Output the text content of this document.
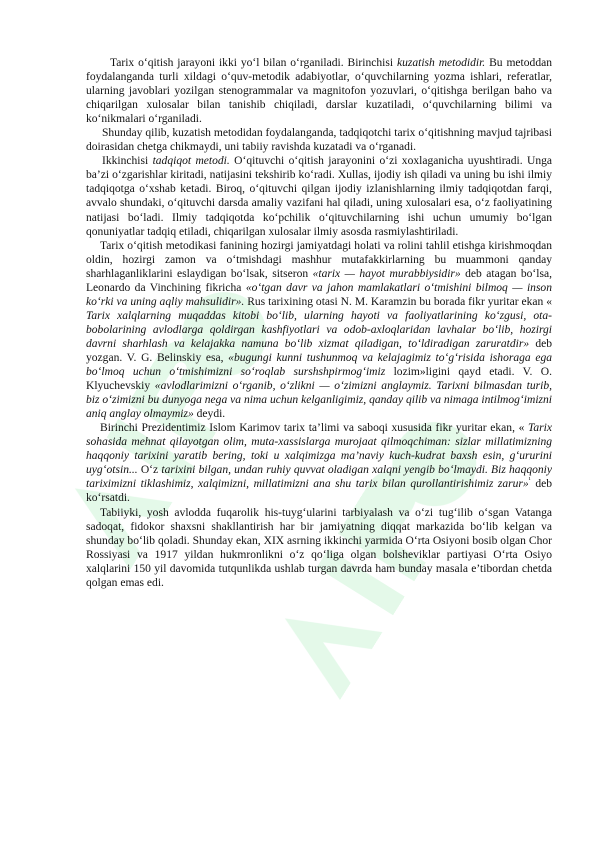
Tarix o‘qitish jarayoni ikki yo‘l bilan o‘rganiladi. Birinchisi kuzatish metodidir. Bu metoddan foydalanganda turli xildagi o‘quv-metodik adabiyotlar, o‘quvchilarning yozma ishlari, referatlar, ularning javoblari yozilgan stenogrammalar va magnitofon yozuvlari, o‘qitishga berilgan baho va chiqarilgan xulosalar bilan tanishib chiqiladi, darslar kuzatiladi, o‘quvchilarning bilimi va ko‘nikmalari o‘rganiladi.

Shunday qilib, kuzatish metodidan foydalanganda, tadqiqotchi tarix o‘qitishning mavjud tajribasi doirasidan chetga chikmaydi, uni tabiiy ravishda kuzatadi va o‘rganadi.

Ikkinchisi tadqiqot metodi. O‘qituvchi o‘qitish jarayonini o‘zi xoxlaganicha uyushtiradi. Unga ba’zi o‘zgarishlar kiritadi, natijasini tekshirib ko‘radi. Xullas, ijodiy ish qiladi va uning bu ishi ilmiy tadqiqotga o‘xshab ketadi. Biroq, o‘qituvchi qilgan ijodiy izlanishlarning ilmiy tadqiqotdan farqi, avvalo shundaki, o‘qituvchi darsda amaliy vazifani hal qiladi, uning xulosalari esa, o‘z faoliyatining natijasi bo‘ladi. Ilmiy tadqiqotda ko‘pchilik o‘qituvchilarning ishi uchun umumiy bo‘lgan qonuniyatlar tadqiq etiladi, chiqarilgan xulosalar ilmiy asosda rasmiylashtiriladi.

Tarix o‘qitish metodikasi fanining hozirgi jamiyatdagi holati va rolini tahlil etishga kirishmoqdan oldin, hozirgi zamon va o‘tmishdagi mashhur mutafakkirlarning bu muammoni qanday sharhlaganliklarini eslaydigan bo‘lsak, sitseron «tarix — hayot murabbiysidir» deb atagan bo‘lsa, Leonardo da Vinchining fikricha «o‘tgan davr va jahon mamlakatlari o‘tmishini bilmoq — inson ko‘rki va uning aqliy mahsulidir». Rus tarixining otasi N. M. Karamzin bu borada fikr yuritar ekan « Tarix xalqlarning muqaddas kitobi bo‘lib, ularning hayoti va faoliyatlarining ko‘zgusi, ota-bobolarining avlodlarga qoldirgan kashfiyotlari va odob-axloqlaridan lavhalar bo‘lib, hozirgi davrni sharhlash va kelajakka namuna bo‘lib xizmat qiladigan, to‘ldiradigan zaruratdir» deb yozgan. V. G. Belinskiy esa, «bugungi kunni tushunmoq va kelajagimiz to‘g‘risida ishoraga ega bo‘lmoq uchun o‘tmishimizni so‘roqlab surshshpirmog‘imiz lozim»ligini qayd etadi. V. O. Klyuchevskiy «avlodlarimizni o‘rganib, o‘zlikni — o‘zimizni anglaymiz. Tarixni bilmasdan turib, biz o‘zimizni bu dunyoga nega va nima uchun kelganligimiz, qanday qilib va nimaga intilmog‘imizni aniq anglay olmaymiz» deydi.

Birinchi Prezidentimiz Islom Karimov tarix ta’limi va saboqi xususida fikr yuritar ekan, « Tarix sohasida mehnat qilayotgan olim, muta-xassislarga murojaat qilmoqchiman: sizlar millatimizning haqqoniy tarixini yaratib bering, toki u xalqimizga ma’naviy kuch-kudrat baxsh esin, g‘ururini uyg‘otsin... O‘z tarixini bilgan, undan ruhiy quvvat oladigan xalqni yengib bo‘lmaydi. Biz haqqoniy tariximizni tiklashimiz, xalqimizni, millatimizni ana shu tarix bilan qurollantirishimiz zarur»$^{^1}$ deb ko‘rsatdi.

Tabiiyki, yosh avlodda fuqarolik his-tuyg‘ularini tarbiyalash va o‘zi tug‘ilib o‘sgan Vatanga sadoqat, fidokor shaxsni shakllantirish har bir jamiyatning diqqat markazida bo‘lib kelgan va shunday bo‘lib qoladi. Shunday ekan, XIX asrning ikkinchi yarmida O‘rta Osiyoni bosib olgan Chor Rossiyasi va 1917 yildan hukmronlikni o‘z qo‘liga olgan bolsheviklar partiyasi O‘rta Osiyo xalqlarini 150 yil davomida tutqunlikda ushlab turgan davrda ham bunday masala e’tibordan chetda qolgan emas edi.
